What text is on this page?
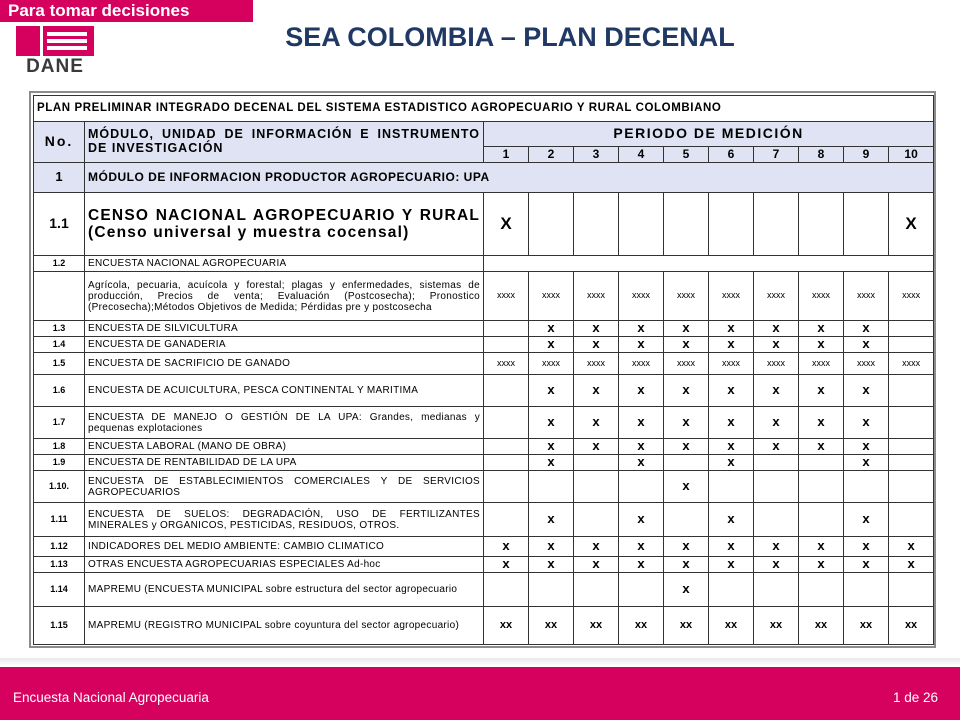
Para tomar decisiones
DANE
SEA COLOMBIA – PLAN DECENAL
PLAN PRELIMINAR INTEGRADO DECENAL DEL SISTEMA ESTADISTICO AGROPECUARIO Y RURAL COLOMBIANO											
No.	MÓDULO, UNIDAD DE INFORMACIÓN E INSTRUMENTO DE INVESTIGACIÓN	PERIODO DE MEDICIÓN									
		1	2	3	4	5	6	7	8	9	10
1	MÓDULO DE INFORMACION PRODUCTOR AGROPECUARIO: UPA										
1.1	CENSO NACIONAL AGROPECUARIO Y RURAL (Censo universal y muestra cocensal)	X									X
1.2	ENCUESTA NACIONAL AGROPECUARIA										
	Agrícola, pecuaria, acuícola y forestal; plagas y enfermedades, sistemas de producción, Precios de venta; Evaluación (Postcosecha); Pronostico (Precosecha);Métodos Objetivos de Medida; Pérdidas pre y postcosecha	xxxx	xxxx	xxxx	xxxx	xxxx	xxxx	xxxx	xxxx	xxxx	xxxx
1.3	ENCUESTA DE SILVICULTURA		x	x	x	x	x	x	x	x	
1.4	ENCUESTA DE GANADERIA		x	x	x	x	x	x	x	x	
1.5	ENCUESTA DE SACRIFICIO DE GANADO	xxxx	xxxx	xxxx	xxxx	xxxx	xxxx	xxxx	xxxx	xxxx	xxxx
1.6	ENCUESTA DE ACUICULTURA, PESCA CONTINENTAL Y MARITIMA		x	x	x	x	x	x	x	x	
1.7	ENCUESTA DE MANEJO O GESTIÓN DE LA UPA: Grandes, medianas y pequenas explotaciones		x	x	x	x	x	x	x	x	
1.8	ENCUESTA LABORAL (MANO DE OBRA)		x	x	x	x	x	x	x	x	
1.9	ENCUESTA DE RENTABILIDAD DE LA UPA		x		x		x			x	
1.10.	ENCUESTA DE ESTABLECIMIENTOS COMERCIALES Y DE SERVICIOS AGROPECUARIOS					x					
1.11	ENCUESTA DE SUELOS: DEGRADACIÓN, USO DE FERTILIZANTES MINERALES y ORGANICOS, PESTICIDAS, RESIDUOS, OTROS.		x		x		x			x	
1.12	INDICADORES DEL MEDIO AMBIENTE: CAMBIO CLIMATICO	x	x	x	x	x	x	x	x	x	x
1.13	OTRAS ENCUESTA AGROPECUARIAS ESPECIALES Ad-hoc	x	x	x	x	x	x	x	x	x	x
1.14	MAPREMU (ENCUESTA MUNICIPAL sobre estructura del sector agropecuario					x					
1.15	MAPREMU (REGISTRO MUNICIPAL sobre coyuntura del sector agropecuario)	xx	xx	xx	xx	xx	xx	xx	xx	xx	xx
Encuesta Nacional Agropecuaria	1 de 26
